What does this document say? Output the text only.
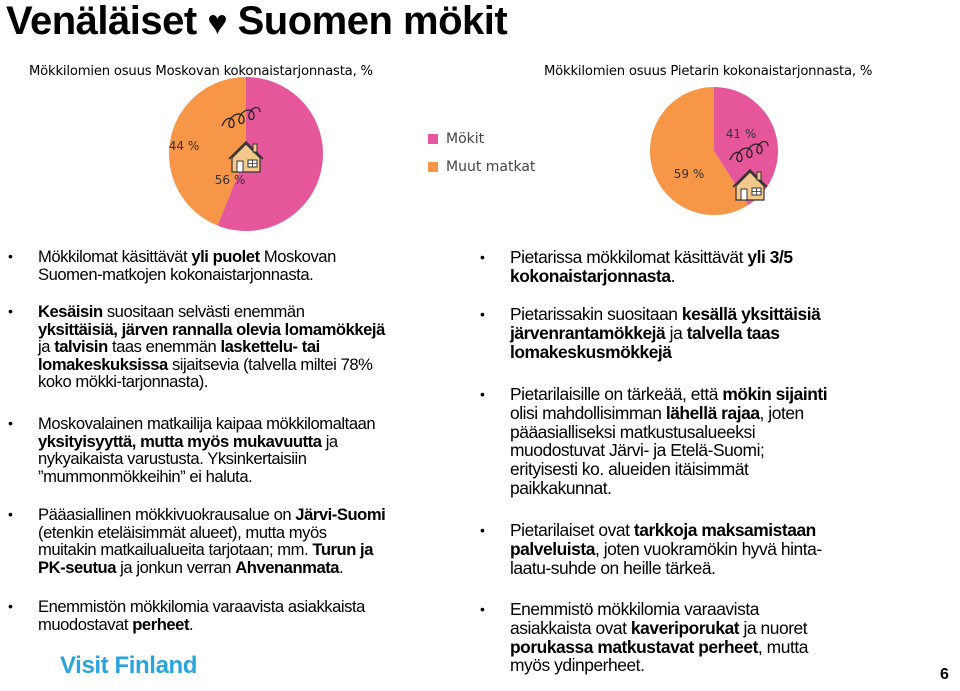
Venäläiset ♥ Suomen mökit
Mökkilomien osuus Moskovan kokonaistarjonnasta, %	Mökkilomien osuus Pietarin kokonaistarjonnasta, %
56 %
44 %
41 %
59 %
Mökit
Muut matkat
• Mökkilomat käsittävät yli puolet Moskovan
Suomen-matkojen kokonaistarjonnasta.
• Kesäisin suositaan selvästi enemmän
yksittäisiä, järven rannalla olevia lomamökkejä
ja talvisin taas enemmän laskettelu- tai
lomakeskuksissa sijaitsevia (talvella miltei 78%
koko mökki-tarjonnasta).
• Moskovalainen matkailija kaipaa mökkilomaltaan
yksityisyyttä, mutta myös mukavuutta ja
nykyaikaista varustusta. Yksinkertaisiin
”mummonmökkeihin” ei haluta.
• Pääasiallinen mökkivuokrausalue on Järvi-Suomi
(etenkin eteläisimmät alueet), mutta myös
muitakin matkailualueita tarjotaan; mm. Turun ja
PK-seutua ja jonkun verran Ahvenanmata.
• Enemmistön mökkilomia varaavista asiakkaista
muodostavat perheet.
• Pietarissa mökkilomat käsittävät yli 3/5
kokonaistarjonnasta.
• Pietarissakin suositaan kesällä yksittäisiä
järvenrantamökkejä ja talvella taas
lomakeskusmökkejä
• Pietarilaisille on tärkeää, että mökin sijainti
olisi mahdollisimman lähellä rajaa, joten
pääasialliseksi matkustusalueeksi
muodostuvat Järvi- ja Etelä-Suomi;
erityisesti ko. alueiden itäisimmät
paikkakunnat.
• Pietarilaiset ovat tarkkoja maksamistaan
palveluista, joten vuokramökin hyvä hinta-
laatu-suhde on heille tärkeä.
• Enemmistö mökkilomia varaavista
asiakkaista ovat kaveriporukat ja nuoret
porukassa matkustavat perheet, mutta
myös ydinperheet.
Visit Finland	6
